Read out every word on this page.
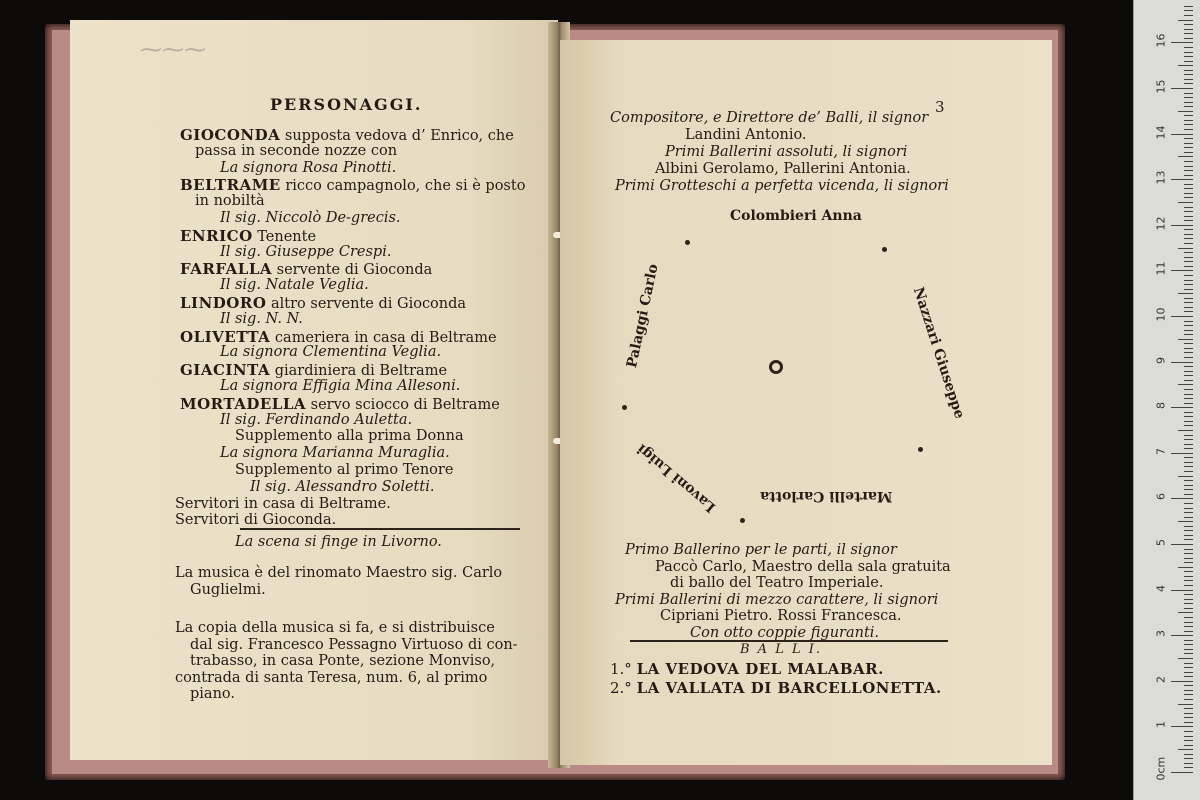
⁓⁓⁓
PERSONAGGI.
GIOCONDA supposta vedova d’ Enrico, che
passa in seconde nozze con
La signora Rosa Pinotti.
BELTRAME ricco campagnolo, che si è posto
in nobiltà
Il sig. Niccolò De-grecis.
ENRICO Tenente
Il sig. Giuseppe Crespi.
FARFALLA servente di Gioconda
Il sig. Natale Veglia.
LINDORO altro servente di Gioconda
Il sig. N. N.
OLIVETTA cameriera in casa di Beltrame
La signora Clementina Veglia.
GIACINTA giardiniera di Beltrame
La signora Effigia Mina Allesoni.
MORTADELLA servo sciocco di Beltrame
Il sig. Ferdinando Auletta.
Supplemento alla prima Donna
La signora Marianna Muraglia.
Supplemento al primo Tenore
Il sig. Alessandro Soletti.
Servitori in casa di Beltrame.
Servitori di Gioconda.
La scena si finge in Livorno.
La musica è del rinomato Maestro sig. Carlo
Guglielmi.
La copia della musica si fa, e si distribuisce
dal sig. Francesco Pessagno Virtuoso di con-
trabasso, in casa Ponte, sezione Monviso,
contrada di santa Teresa, num. 6, al primo
piano.
3
Compositore, e Direttore de’ Balli, il signor
Landini Antonio.
Primi Ballerini assoluti, li signori
Albini Gerolamo, Pallerini Antonia.
Primi Grotteschi a perfetta vicenda, li signori
Colombieri Anna
Nazzari Giuseppe
Martelli Carlotta
Lavoni Luigi
Palaggi Carlo
Primo Ballerino per le parti, il signor
Paccò Carlo, Maestro della sala gratuita
di ballo del Teatro Imperiale.
Primi Ballerini di mezzo carattere, li signori
Cipriani Pietro. Rossi Francesca.
Con otto coppie figuranti.
B A L L I.
1.° LA VEDOVA DEL MALABAR.
2.° LA VALLATA DI BARCELLONETTA.
0cm
1
2
3
4
5
6
7
8
9
10
11
12
13
14
15
16
